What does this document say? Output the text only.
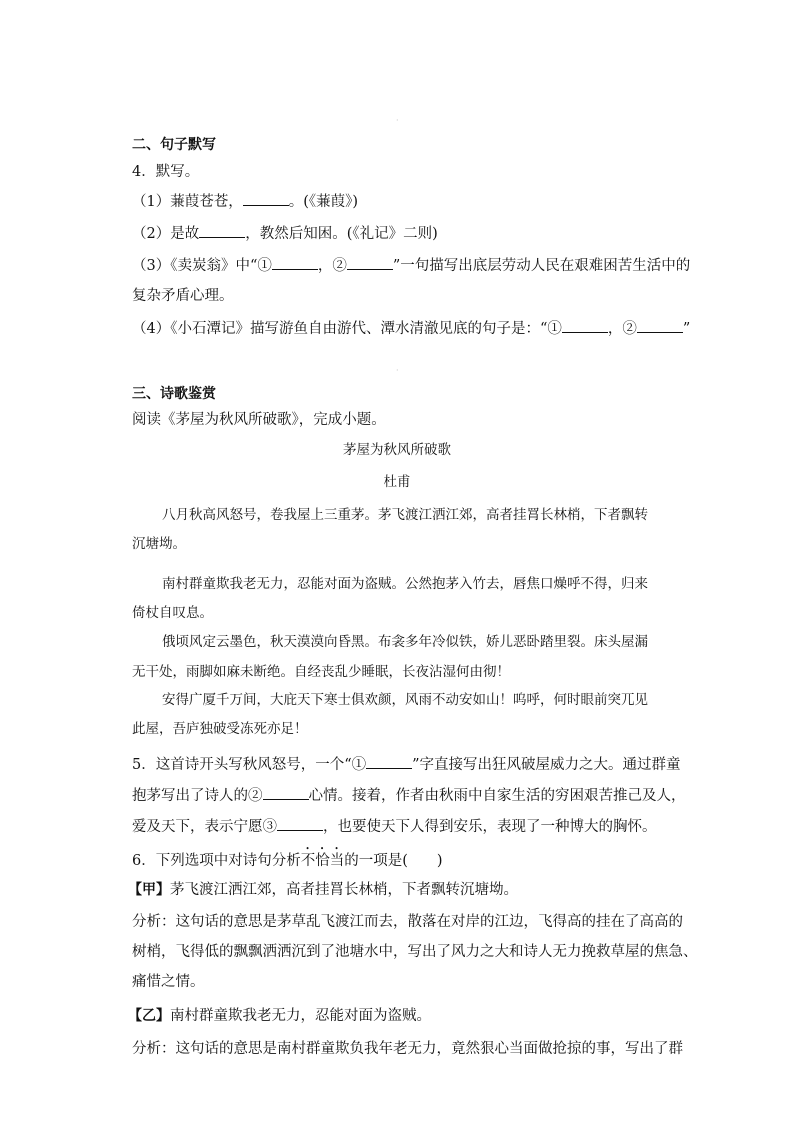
·
二、句子默写
4．默写。
（1）蒹葭苍苍，	。(《蒹葭》)
（2）是故	，教然后知困。(《礼记》二则)
（3）《卖炭翁》中“①	，②	”一句描写出底层劳动人民在艰难困苦生活中的
复杂矛盾心理。
（4）《小石潭记》描写游鱼自由游代、潭水清澈见底的句子是：“①	，②	”
·
三、诗歌鉴赏
阅读《茅屋为秋风所破歌》，完成小题。
茅屋为秋风所破歌
杜甫
八月秋高风怒号，卷我屋上三重茅。茅飞渡江洒江郊，高者挂罥长林梢，下者飘转
沉塘坳。
南村群童欺我老无力，忍能对面为盗贼。公然抱茅入竹去，唇焦口燥呼不得，归来
倚杖自叹息。
俄顷风定云墨色，秋天漠漠向昏黑。布衾多年冷似铁，娇儿恶卧踏里裂。床头屋漏
无干处，雨脚如麻未断绝。自经丧乱少睡眠，长夜沾湿何由彻！
安得广厦千万间，大庇天下寒士俱欢颜，风雨不动安如山！呜呼，何时眼前突兀见
此屋，吾庐独破受冻死亦足！
5．这首诗开头写秋风怒号，一个“①	”字直接写出狂风破屋威力之大。通过群童
抱茅写出了诗人的②	心情。接着，作者由秋雨中自家生活的穷困艰苦推己及人，
爱及天下，表示宁愿③	，也要使天下人得到安乐，表现了一种博大的胸怀。
6．下列选项中对诗句分析不恰当的一项是(　　)
【甲】茅飞渡江洒江郊，高者挂罥长林梢，下者飘转沉塘坳。
分析：这句话的意思是茅草乱飞渡江而去，散落在对岸的江边，飞得高的挂在了高高的
树梢，飞得低的飘飘洒洒沉到了池塘水中，写出了风力之大和诗人无力挽救草屋的焦急、
痛惜之情。
【乙】南村群童欺我老无力，忍能对面为盗贼。
分析：这句话的意思是南村群童欺负我年老无力，竟然狠心当面做抢掠的事，写出了群
